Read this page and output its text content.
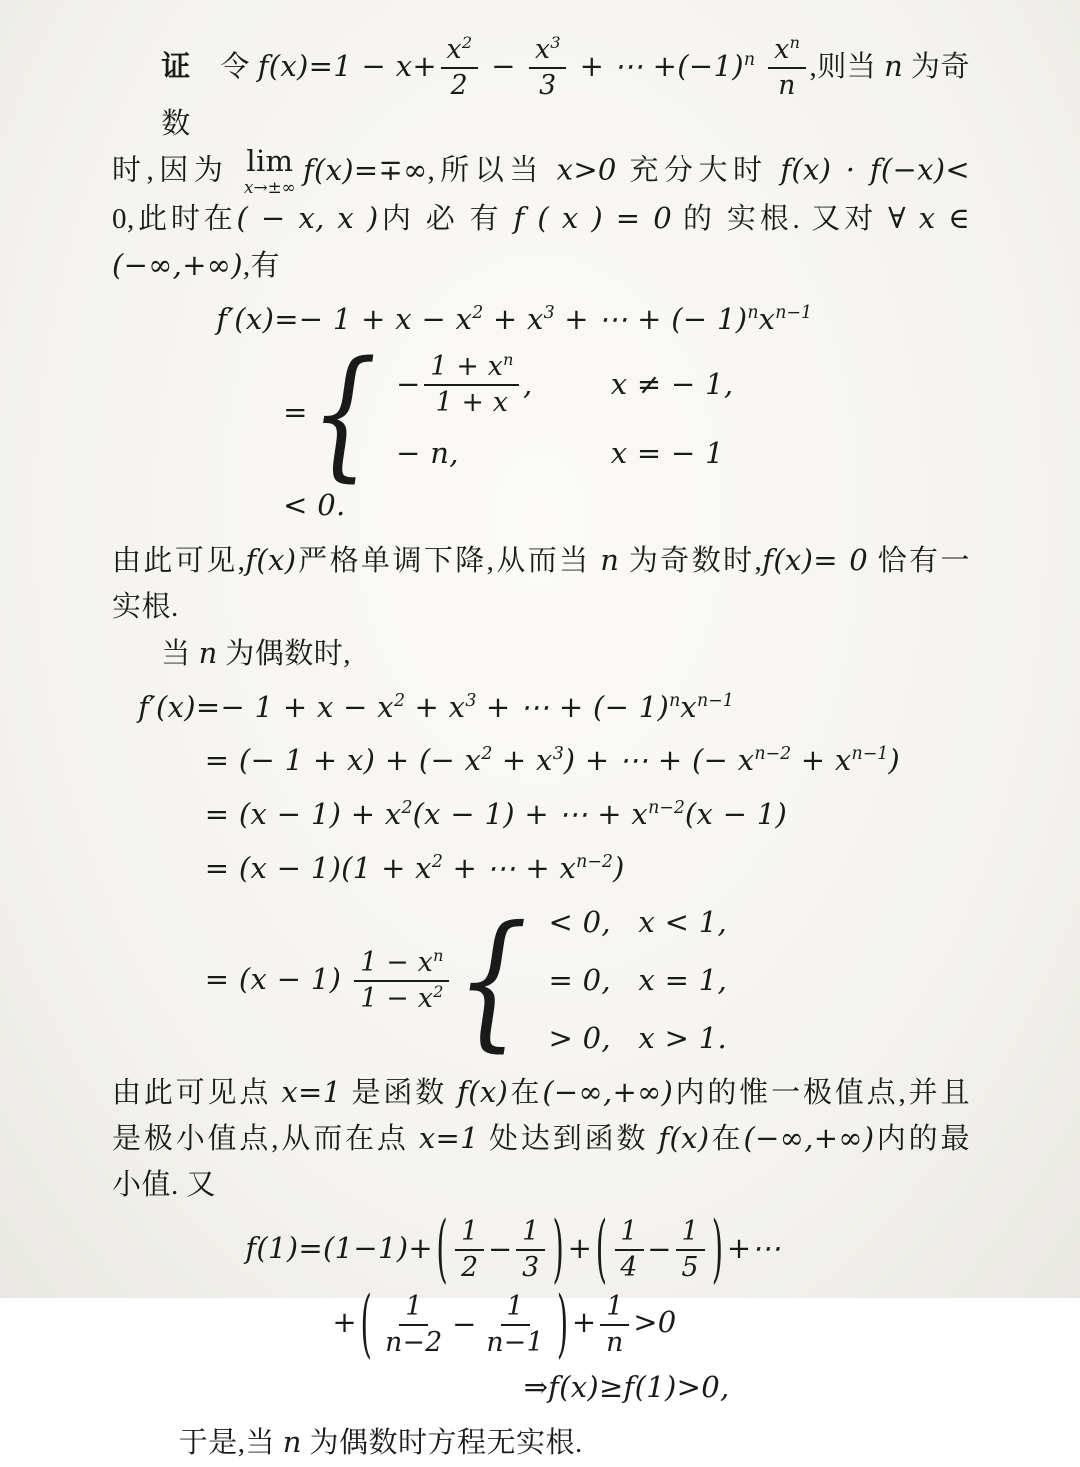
证　令 $f(x)=1 - x+ \frac{x^2}{2} - \frac{x^3}{3}$ + ⋯ $+(-1)^n \frac{x^n}{n}$ ,则当 n 为奇数
时,因为 lim
x→±∞
f(x)=∓∞,所以当 x>0 充分大时 f(x) · f(−x)<
0,此时在( − x, x )内 必 有 f ( x ) = 0 的 实根. 又对 ∀ x ∈
(−∞,+∞),有
$f'(x)=- 1 + x - x^2 + x^3$ + ⋯ + (− $1)^nx^{n-1}$
= { − $\frac{1 + x^n}{1 + x}$ ,	x ≠ − 1,
− n,	x = − 1
< 0.
由此可见,f(x)严格单调下降,从而当 n 为奇数时,f(x)= 0 恰有一
实根.
当 n 为偶数时,
$f'(x)=- 1 + x - x^2 + x^3$ + ⋯ + (− $1)^nx^{n-1}$
= (− 1 + x) + (− $x^2 + x^3$) + ⋯ + (− $x^{n-2} + x^{n-1}$)
= $(x - 1) + x^2(x - 1)$ + ⋯ + $x^{n-2}(x - 1)$
= $(x - 1)(1 + x^2$ + ⋯ + $x^{n-2}$)
= $(x - 1) \frac{1 - x^n}{1 - x^2}$ { < 0, x < 1,
= 0, x = 1,
> 0, x > 1.
由此可见点 x=1 是函数 f(x)在(−∞,+∞)内的惟一极值点,并且
是极小值点,从而在点 x=1 处达到函数 f(x)在(−∞,+∞)内的最
小值. 又
f(1)=(1−1)+ ( $\frac{1}{2} - \frac{1}{3}$ ) + ( $\frac{1}{4} - \frac{1}{5}$ ) +⋯
+ ( $\frac{1}{n-2} - \frac{1}{n-1}$ ) + $\frac{1}{n} >0$
⇒f(x)≥f(1)>0,
于是,当 n 为偶数时方程无实根.
